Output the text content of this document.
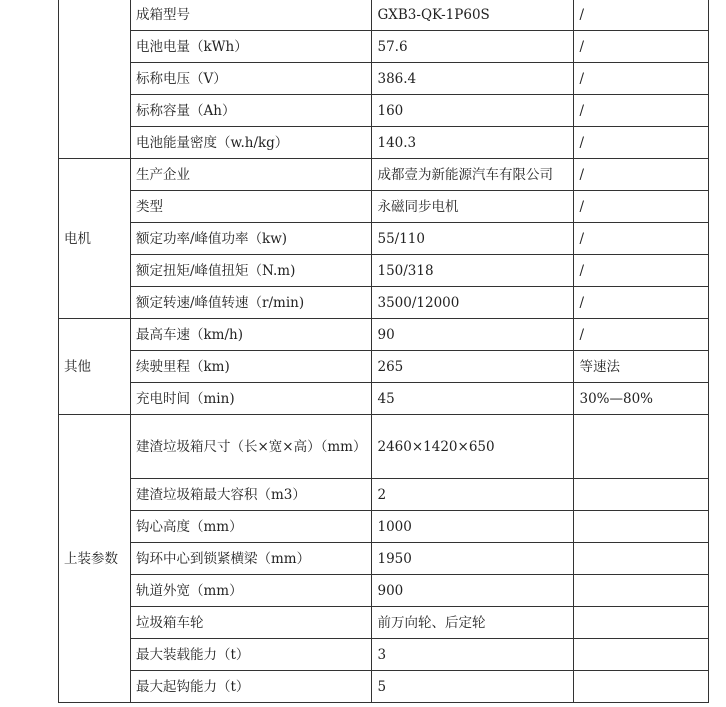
	成箱型号	GXB3-QK-1P60S	/
	电池电量（kWh）	57.6	/
	标称电压（V）	386.4	/
	标称容量（Ah）	160	/
	电池能量密度（w.h/kg）	140.3	/
电机	生产企业	成都壹为新能源汽车有限公司	/
	类型	永磁同步电机	/
	额定功率/峰值功率（kw)	55/110	/
	额定扭矩/峰值扭矩（N.m)	150/318	/
	额定转速/峰值转速（r/min)	3500/12000	/
其他	最高车速（km/h)	90	/
	续驶里程（km)	265	等速法
	充电时间（min)	45	30%—80%
上装参数	建渣垃圾箱尺寸（长×宽×高）（mm）	2460×1420×650	
	建渣垃圾箱最大容积（m3）	2	
	钩心高度（mm）	1000	
	钩环中心到锁紧横梁（mm）	1950	
	轨道外宽（mm）	900	
	垃圾箱车轮	前万向轮、后定轮	
	最大装载能力（t）	3	
	最大起钩能力（t）	5	
